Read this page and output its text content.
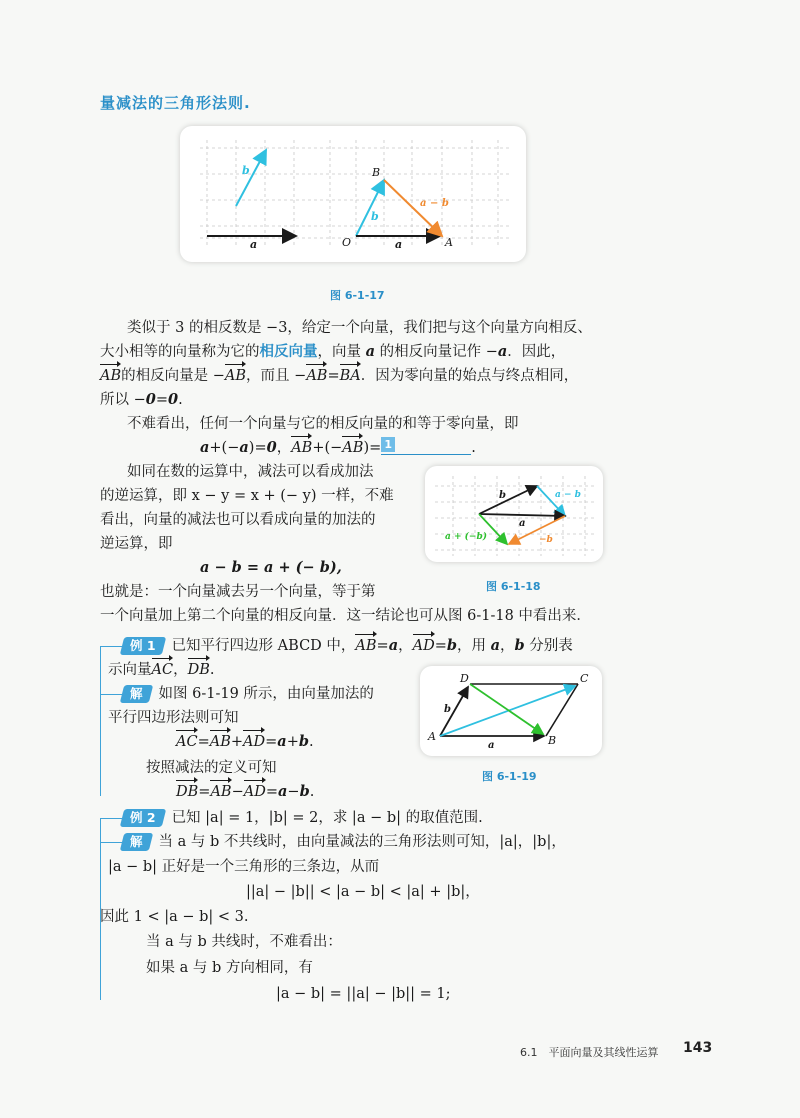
量减法的三角形法则.
b
a
B
b
a − b
O	a	A
图 6-1-17
类似于 3 的相反数是 −3，给定一个向量，我们把与这个向量方向相反、
大小相等的向量称为它的相反向量，向量 a 的相反向量记作 −a．因此，
AB的相反向量是 −AB，而且 −AB=BA．因为零向量的始点与终点相同，
所以 −0=0.
不难看出，任何一个向量与它的相反向量的和等于零向量，即
a+(−a)=0，AB+(−AB)= 1	.
如同在数的运算中，减法可以看成加法
的逆运算，即 x − y = x + (− y) 一样，不难
看出，向量的减法也可以看成向量的加法的
逆运算，即
a − b = a + (− b),
也就是：一个向量减去另一个向量，等于第
一个向量加上第二个向量的相反向量．这一结论也可从图 6-1-18 中看出来．
b	a − b
a
a + (−b)	−b
图 6-1-18
例 1 已知平行四边形 ABCD 中，AB=a，AD=b，用 a，b 分别表
示向量AC，DB.
解 如图 6-1-19 所示，由向量加法的
平行四边形法则可知
AC=AB+AD=a+b.
按照减法的定义可知
DB=AB−AD=a−b.
D	C
A	B
b
a
图 6-1-19
例 2 已知 |a| = 1，|b| = 2，求 |a − b| 的取值范围.
解 当 a 与 b 不共线时，由向量减法的三角形法则可知，|a|，|b|，
|a − b| 正好是一个三角形的三条边，从而
||a| − |b|| < |a − b| < |a| + |b|，
因此 1 < |a − b| < 3.
当 a 与 b 共线时，不难看出：
如果 a 与 b 方向相同，有
|a − b| = ||a| − |b|| = 1;
6.1　平面向量及其线性运算 143
